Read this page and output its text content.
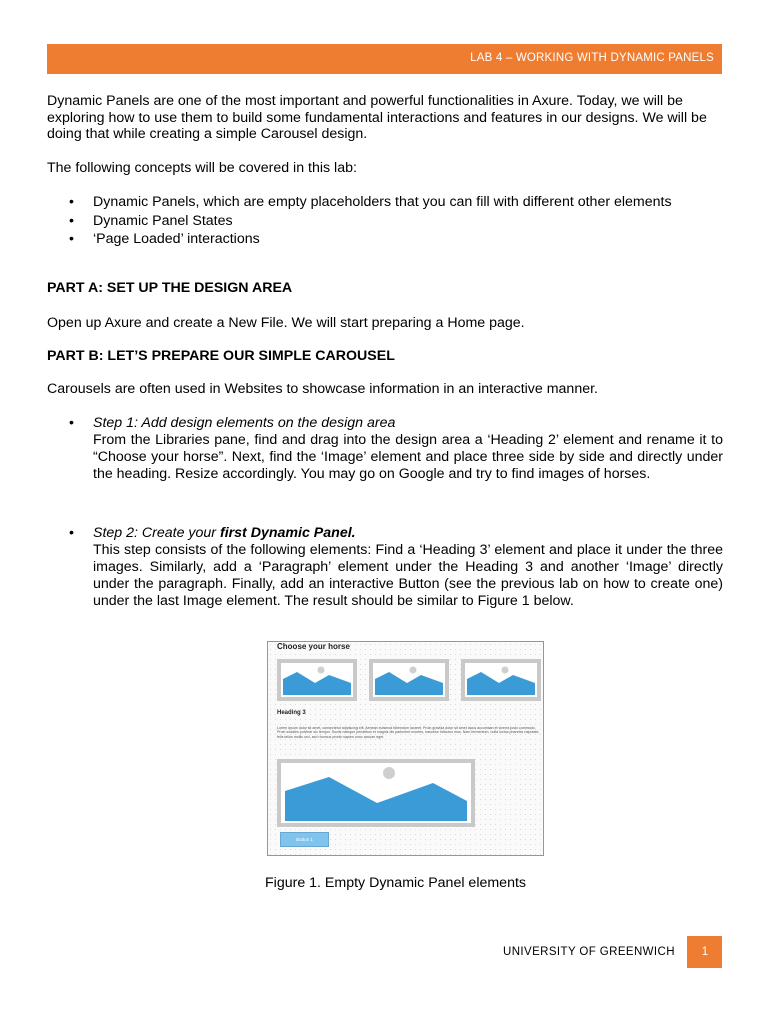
LAB 4 – WORKING WITH DYNAMIC PANELS

Dynamic Panels are one of the most important and powerful functionalities in Axure. Today, we will be exploring how to use them to build some fundamental interactions and features in our designs. We will be doing that while creating a simple Carousel design.

The following concepts will be covered in this lab:

• Dynamic Panels, which are empty placeholders that you can fill with different other elements
• Dynamic Panel States
• ‘Page Loaded’ interactions
PART A: SET UP THE DESIGN AREA

Open up Axure and create a New File. We will start preparing a Home page.

PART B: LET’S PREPARE OUR SIMPLE CAROUSEL

Carousels are often used in Websites to showcase information in an interactive manner.

•	Step 1: Add design elements on the design area
From the Libraries pane, find and drag into the design area a ‘Heading 2’ element and rename it to “Choose your horse”. Next, find the ‘Image’ element and place three side by side and directly under the heading. Resize accordingly. You may go on Google and try to find images of horses.
•	Step 2: Create your first Dynamic Panel.
This step consists of the following elements: Find a ‘Heading 3’ element and place it under the three images. Similarly, add a ‘Paragraph’ element under the Heading 3 and another ‘Image’ directly under the paragraph. Finally, add an interactive Button (see the previous lab on how to create one) under the last Image element. The result should be similar to Figure 1 below.
Choose your horse
Heading 3
Lorem ipsum dolor sit amet, consectetur adipiscing elit. Aenean euismod bibendum laoreet. Proin gravida dolor sit amet lacus accumsan et viverra justo commodo. Proin sodales pulvinar sic tempor. Sociis natoque penatibus et magnis dis parturient montes, nascetur ridiculus mus. Nam fermentum, nulla luctus pharetra vulputate, felis tellus mollis orci, sed rhoncus pronin sapien nunc accuan eget.
Button 1
Figure 1. Empty Dynamic Panel elements
UNIVERSITY OF GREENWICH	1
